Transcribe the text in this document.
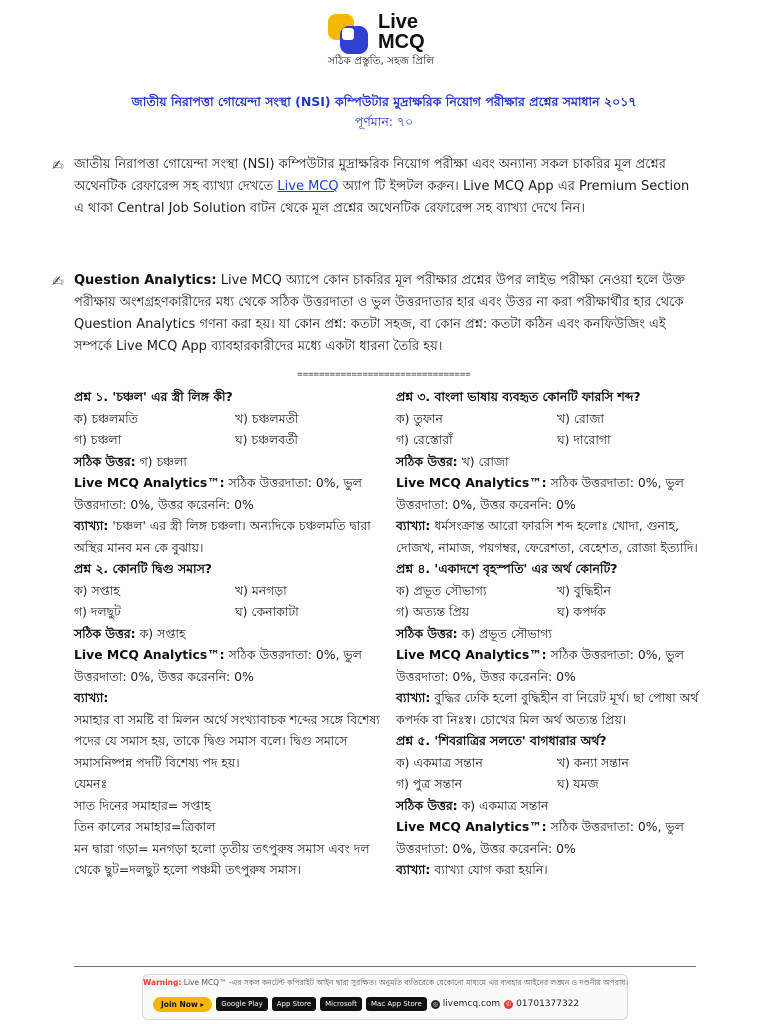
Live
MCQ
সঠিক প্রস্তুতি, সহজ প্রিলি
জাতীয় নিরাপত্তা গোয়েন্দা সংস্থা (NSI) কম্পিউটার মুদ্রাক্ষরিক নিয়োগ পরীক্ষার প্রশ্নের সমাধান ২০১৭
পূর্ণমান: ৭০
✍ জাতীয় নিরাপত্তা গোয়েন্দা সংস্থা (NSI) কম্পিউটার মুদ্রাক্ষরিক নিয়োগ পরীক্ষা এবং অন্যান্য সকল চাকরির মূল প্রশ্নের অথেনটিক রেফারেন্স সহ ব্যাখ্যা দেখতে Live MCQ অ্যাপ টি ইন্সটল করুন। Live MCQ App এর Premium Section এ থাকা Central Job Solution বাটন থেকে মূল প্রশ্নের অথেনটিক রেফারেন্স সহ ব্যাখ্যা দেখে নিন।
✍ Question Analytics: Live MCQ অ্যাপে কোন চাকরির মূল পরীক্ষার প্রশ্নের উপর লাইভ পরীক্ষা নেওয়া হলে উক্ত পরীক্ষায় অংশগ্রহণকারীদের মধ্য থেকে সঠিক উত্তরদাতা ও ভুল উত্তরদাতার হার এবং উত্তর না করা পরীক্ষার্থীর হার থেকে Question Analytics গণনা করা হয়। যা কোন প্রশ্ন: কতটা সহজ, বা কোন প্রশ্ন: কতটা কঠিন এবং কনফিউজিং এই সম্পর্কে Live MCQ App ব্যাবহারকারীদের মধ্যে একটা ধারনা তৈরি হয়।
================================
প্রশ্ন ১. 'চঞ্চল' এর স্ত্রী লিঙ্গ কী?
ক) চঞ্চলমতি	খ) চঞ্চলমতী
গ) চঞ্চলা	ঘ) চঞ্চলবর্তী
সঠিক উত্তর: গ) চঞ্চলা
Live MCQ Analytics™: সঠিক উত্তরদাতা: 0%, ভুল উত্তরদাতা: 0%, উত্তর করেননি: 0%
ব্যাখ্যা: 'চঞ্চল' এর স্ত্রী লিঙ্গ চঞ্চলা। অন্যদিকে চঞ্চলমতি দ্বারা অস্থির মানব মন কে বুঝায়।
প্রশ্ন ২. কোনটি দ্বিগু সমাস?
ক) সপ্তাহ	খ) মনগড়া
গ) দলছুট	ঘ) কেনাকাটা
সঠিক উত্তর: ক) সপ্তাহ
Live MCQ Analytics™: সঠিক উত্তরদাতা: 0%, ভুল উত্তরদাতা: 0%, উত্তর করেননি: 0%
ব্যাখ্যা:
সমাহার বা সমষ্টি বা মিলন অর্থে সংখ্যাবাচক শব্দের সঙ্গে বিশেষ্য পদের যে সমাস হয়, তাকে দ্বিগু সমাস বলে। দ্বিগু সমাসে সমাসনিষ্পন্ন পদটি বিশেষ্য পদ হয়।
যেমনঃ
সাত দিনের সমাহার= সপ্তাহ
তিন কালের সমাহার=ত্রিকাল
মন দ্বারা গড়া= মনগড়া হলো তৃতীয় তৎপুরুষ সমাস এবং দল থেকে ছুট=দলছুট হলো পঞ্চমী তৎপুরুষ সমাস।
প্রশ্ন ৩. বাংলা ভাষায় ব্যবহৃত কোনটি ফারসি শব্দ?
ক) তুফান	খ) রোজা
গ) রেস্তোরাঁ	ঘ) দারোগা
সঠিক উত্তর: খ) রোজা
Live MCQ Analytics™: সঠিক উত্তরদাতা: 0%, ভুল উত্তরদাতা: 0%, উত্তর করেননি: 0%
ব্যাখ্যা: ধর্মসংক্রান্ত আরো ফারসি শব্দ হলোঃ খোদা, গুনাহ, দোজখ, নামাজ, পয়গম্বর, ফেরেশতা, বেহেশত, রোজা ইত্যাদি।
প্রশ্ন ৪. 'একাদশে বৃহস্পতি' এর অর্থ কোনটি?
ক) প্রভূত সৌভাগ্য	খ) বুদ্ধিহীন
গ) অত্যন্ত প্রিয়	ঘ) কপর্দক
সঠিক উত্তর: ক) প্রভূত সৌভাগ্য
Live MCQ Analytics™: সঠিক উত্তরদাতা: 0%, ভুল উত্তরদাতা: 0%, উত্তর করেননি: 0%
ব্যাখ্যা: বুদ্ধির ঢেকি হলো বুদ্ধিহীন বা নিরেট মূর্খ। ছা পোষা অর্থ কপর্দক বা নিঃস্ব। চোখের মিল অর্থ অত্যন্ত প্রিয়।
প্রশ্ন ৫. 'শিবরাত্রির সলতে' বাগধারার অর্থ?
ক) একমাত্র সন্তান	খ) কন্যা সন্তান
গ) পুত্র সন্তান	ঘ) যমজ
সঠিক উত্তর: ক) একমাত্র সন্তান
Live MCQ Analytics™: সঠিক উত্তরদাতা: 0%, ভুল উত্তরদাতা: 0%, উত্তর করেননি: 0%
ব্যাখ্যা: ব্যাখ্যা যোগ করা হয়নি।
Warning: Live MCQ™ -এর সকল কনটেন্ট কপিরাইট আইন দ্বারা সুরক্ষিত। অনুমতি ব্যতিরেকে যেকোনো মাধ্যমে এর ব্যবহার আইনের লঙ্ঘন ও দণ্ডনীয় অপরাধ।
Join Now ▸	Google Play	App Store	Microsoft	Mac App Store	◎ livemcq.com ✆ 01701377322
